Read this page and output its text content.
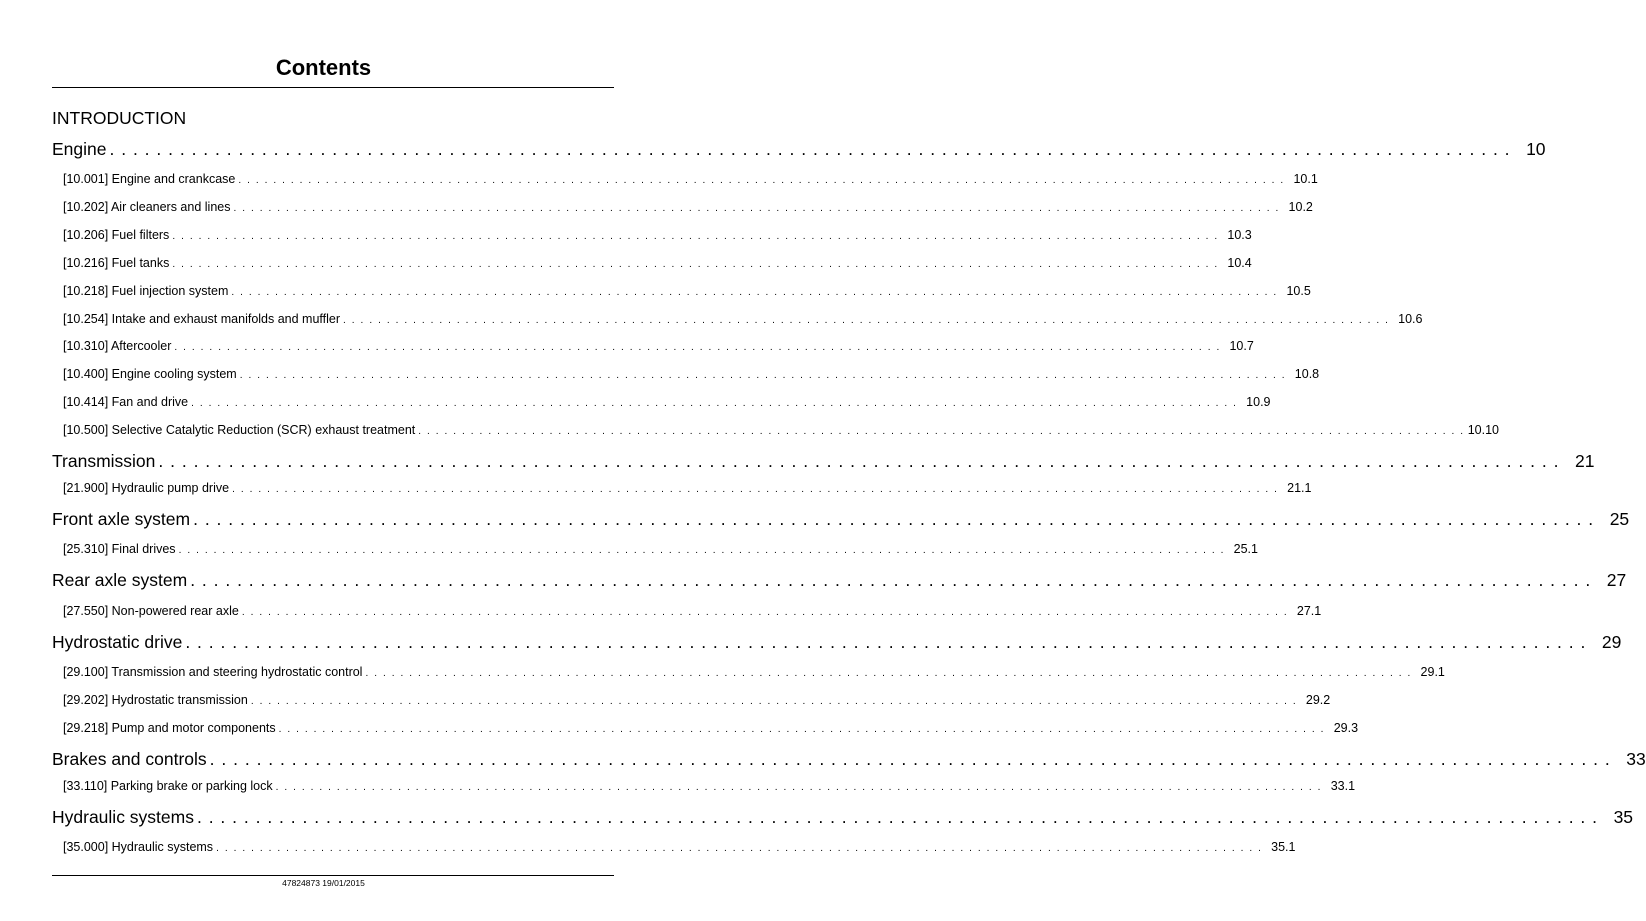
Contents
INTRODUCTION
Engine . . . . . . . . . . . . . . . . . . . . . . . . . . . . . . . . . . . . . . . . . . . . . . . . . . . . . . . . . . . . . . . . . . . . . . . . . . . . . . . . . . . . . . . . . . . . . . . . . . . . . . . . . . . . . . . . . . . . . . . . 10
[10.001] Engine and crankcase . . . . . . . . . . . . . . . . . . . . . . . . . . . . . . . . . . . . . . . . . . . . . . . . . . . . . . . . . . . . . . . . . . . . . . . . . . . . . . . . . . . . . . . . . . . . . . . . . . . . . . . . . . . . . . . . . . . . . . . . 10.1
[10.202] Air cleaners and lines . . . . . . . . . . . . . . . . . . . . . . . . . . . . . . . . . . . . . . . . . . . . . . . . . . . . . . . . . . . . . . . . . . . . . . . . . . . . . . . . . . . . . . . . . . . . . . . . . . . . . . . . . . . . . . . . . . . . . . . . 10.2
[10.206] Fuel filters . . . . . . . . . . . . . . . . . . . . . . . . . . . . . . . . . . . . . . . . . . . . . . . . . . . . . . . . . . . . . . . . . . . . . . . . . . . . . . . . . . . . . . . . . . . . . . . . . . . . . . . . . . . . . . . . . . . . . . . . 10.3
[10.216] Fuel tanks . . . . . . . . . . . . . . . . . . . . . . . . . . . . . . . . . . . . . . . . . . . . . . . . . . . . . . . . . . . . . . . . . . . . . . . . . . . . . . . . . . . . . . . . . . . . . . . . . . . . . . . . . . . . . . . . . . . . . . . . 10.4
[10.218] Fuel injection system . . . . . . . . . . . . . . . . . . . . . . . . . . . . . . . . . . . . . . . . . . . . . . . . . . . . . . . . . . . . . . . . . . . . . . . . . . . . . . . . . . . . . . . . . . . . . . . . . . . . . . . . . . . . . . . . . . . . . . . . 10.5
[10.254] Intake and exhaust manifolds and muffler . . . . . . . . . . . . . . . . . . . . . . . . . . . . . . . . . . . . . . . . . . . . . . . . . . . . . . . . . . . . . . . . . . . . . . . . . . . . . . . . . . . . . . . . . . . . . . . . . . . . . . . . . . . . . . . . . . . . . . . . 10.6
[10.310] Aftercooler . . . . . . . . . . . . . . . . . . . . . . . . . . . . . . . . . . . . . . . . . . . . . . . . . . . . . . . . . . . . . . . . . . . . . . . . . . . . . . . . . . . . . . . . . . . . . . . . . . . . . . . . . . . . . . . . . . . . . . . . 10.7
[10.400] Engine cooling system . . . . . . . . . . . . . . . . . . . . . . . . . . . . . . . . . . . . . . . . . . . . . . . . . . . . . . . . . . . . . . . . . . . . . . . . . . . . . . . . . . . . . . . . . . . . . . . . . . . . . . . . . . . . . . . . . . . . . . . . 10.8
[10.414] Fan and drive . . . . . . . . . . . . . . . . . . . . . . . . . . . . . . . . . . . . . . . . . . . . . . . . . . . . . . . . . . . . . . . . . . . . . . . . . . . . . . . . . . . . . . . . . . . . . . . . . . . . . . . . . . . . . . . . . . . . . . . . 10.9
[10.500] Selective Catalytic Reduction (SCR) exhaust treatment . . . . . . . . . . . . . . . . . . . . . . . . . . . . . . . . . . . . . . . . . . . . . . . . . . . . . . . . . . . . . . . . . . . . . . . . . . . . . . . . . . . . . . . . . . . . . . . . . . . . . . . . . . . . . . . . . . . . . . . . 10.10
Transmission . . . . . . . . . . . . . . . . . . . . . . . . . . . . . . . . . . . . . . . . . . . . . . . . . . . . . . . . . . . . . . . . . . . . . . . . . . . . . . . . . . . . . . . . . . . . . . . . . . . . . . . . . . . . . . . . . . . . . . . . 21
[21.900] Hydraulic pump drive . . . . . . . . . . . . . . . . . . . . . . . . . . . . . . . . . . . . . . . . . . . . . . . . . . . . . . . . . . . . . . . . . . . . . . . . . . . . . . . . . . . . . . . . . . . . . . . . . . . . . . . . . . . . . . . . . . . . . . . . 21.1
Front axle system . . . . . . . . . . . . . . . . . . . . . . . . . . . . . . . . . . . . . . . . . . . . . . . . . . . . . . . . . . . . . . . . . . . . . . . . . . . . . . . . . . . . . . . . . . . . . . . . . . . . . . . . . . . . . . . . . . . . . . . . 25
[25.310] Final drives . . . . . . . . . . . . . . . . . . . . . . . . . . . . . . . . . . . . . . . . . . . . . . . . . . . . . . . . . . . . . . . . . . . . . . . . . . . . . . . . . . . . . . . . . . . . . . . . . . . . . . . . . . . . . . . . . . . . . . . . 25.1
Rear axle system . . . . . . . . . . . . . . . . . . . . . . . . . . . . . . . . . . . . . . . . . . . . . . . . . . . . . . . . . . . . . . . . . . . . . . . . . . . . . . . . . . . . . . . . . . . . . . . . . . . . . . . . . . . . . . . . . . . . . . . . 27
[27.550] Non-powered rear axle . . . . . . . . . . . . . . . . . . . . . . . . . . . . . . . . . . . . . . . . . . . . . . . . . . . . . . . . . . . . . . . . . . . . . . . . . . . . . . . . . . . . . . . . . . . . . . . . . . . . . . . . . . . . . . . . . . . . . . . . 27.1
Hydrostatic drive . . . . . . . . . . . . . . . . . . . . . . . . . . . . . . . . . . . . . . . . . . . . . . . . . . . . . . . . . . . . . . . . . . . . . . . . . . . . . . . . . . . . . . . . . . . . . . . . . . . . . . . . . . . . . . . . . . . . . . . . 29
[29.100] Transmission and steering hydrostatic control . . . . . . . . . . . . . . . . . . . . . . . . . . . . . . . . . . . . . . . . . . . . . . . . . . . . . . . . . . . . . . . . . . . . . . . . . . . . . . . . . . . . . . . . . . . . . . . . . . . . . . . . . . . . . . . . . . . . . . . . 29.1
[29.202] Hydrostatic transmission . . . . . . . . . . . . . . . . . . . . . . . . . . . . . . . . . . . . . . . . . . . . . . . . . . . . . . . . . . . . . . . . . . . . . . . . . . . . . . . . . . . . . . . . . . . . . . . . . . . . . . . . . . . . . . . . . . . . . . . . 29.2
[29.218] Pump and motor components . . . . . . . . . . . . . . . . . . . . . . . . . . . . . . . . . . . . . . . . . . . . . . . . . . . . . . . . . . . . . . . . . . . . . . . . . . . . . . . . . . . . . . . . . . . . . . . . . . . . . . . . . . . . . . . . . . . . . . . . 29.3
Brakes and controls . . . . . . . . . . . . . . . . . . . . . . . . . . . . . . . . . . . . . . . . . . . . . . . . . . . . . . . . . . . . . . . . . . . . . . . . . . . . . . . . . . . . . . . . . . . . . . . . . . . . . . . . . . . . . . . . . . . . . . . . 33
[33.110] Parking brake or parking lock . . . . . . . . . . . . . . . . . . . . . . . . . . . . . . . . . . . . . . . . . . . . . . . . . . . . . . . . . . . . . . . . . . . . . . . . . . . . . . . . . . . . . . . . . . . . . . . . . . . . . . . . . . . . . . . . . . . . . . . . 33.1
Hydraulic systems . . . . . . . . . . . . . . . . . . . . . . . . . . . . . . . . . . . . . . . . . . . . . . . . . . . . . . . . . . . . . . . . . . . . . . . . . . . . . . . . . . . . . . . . . . . . . . . . . . . . . . . . . . . . . . . . . . . . . . . . 35
[35.000] Hydraulic systems . . . . . . . . . . . . . . . . . . . . . . . . . . . . . . . . . . . . . . . . . . . . . . . . . . . . . . . . . . . . . . . . . . . . . . . . . . . . . . . . . . . . . . . . . . . . . . . . . . . . . . . . . . . . . . . . . . . . . . . . 35.1
47824873 19/01/2015
